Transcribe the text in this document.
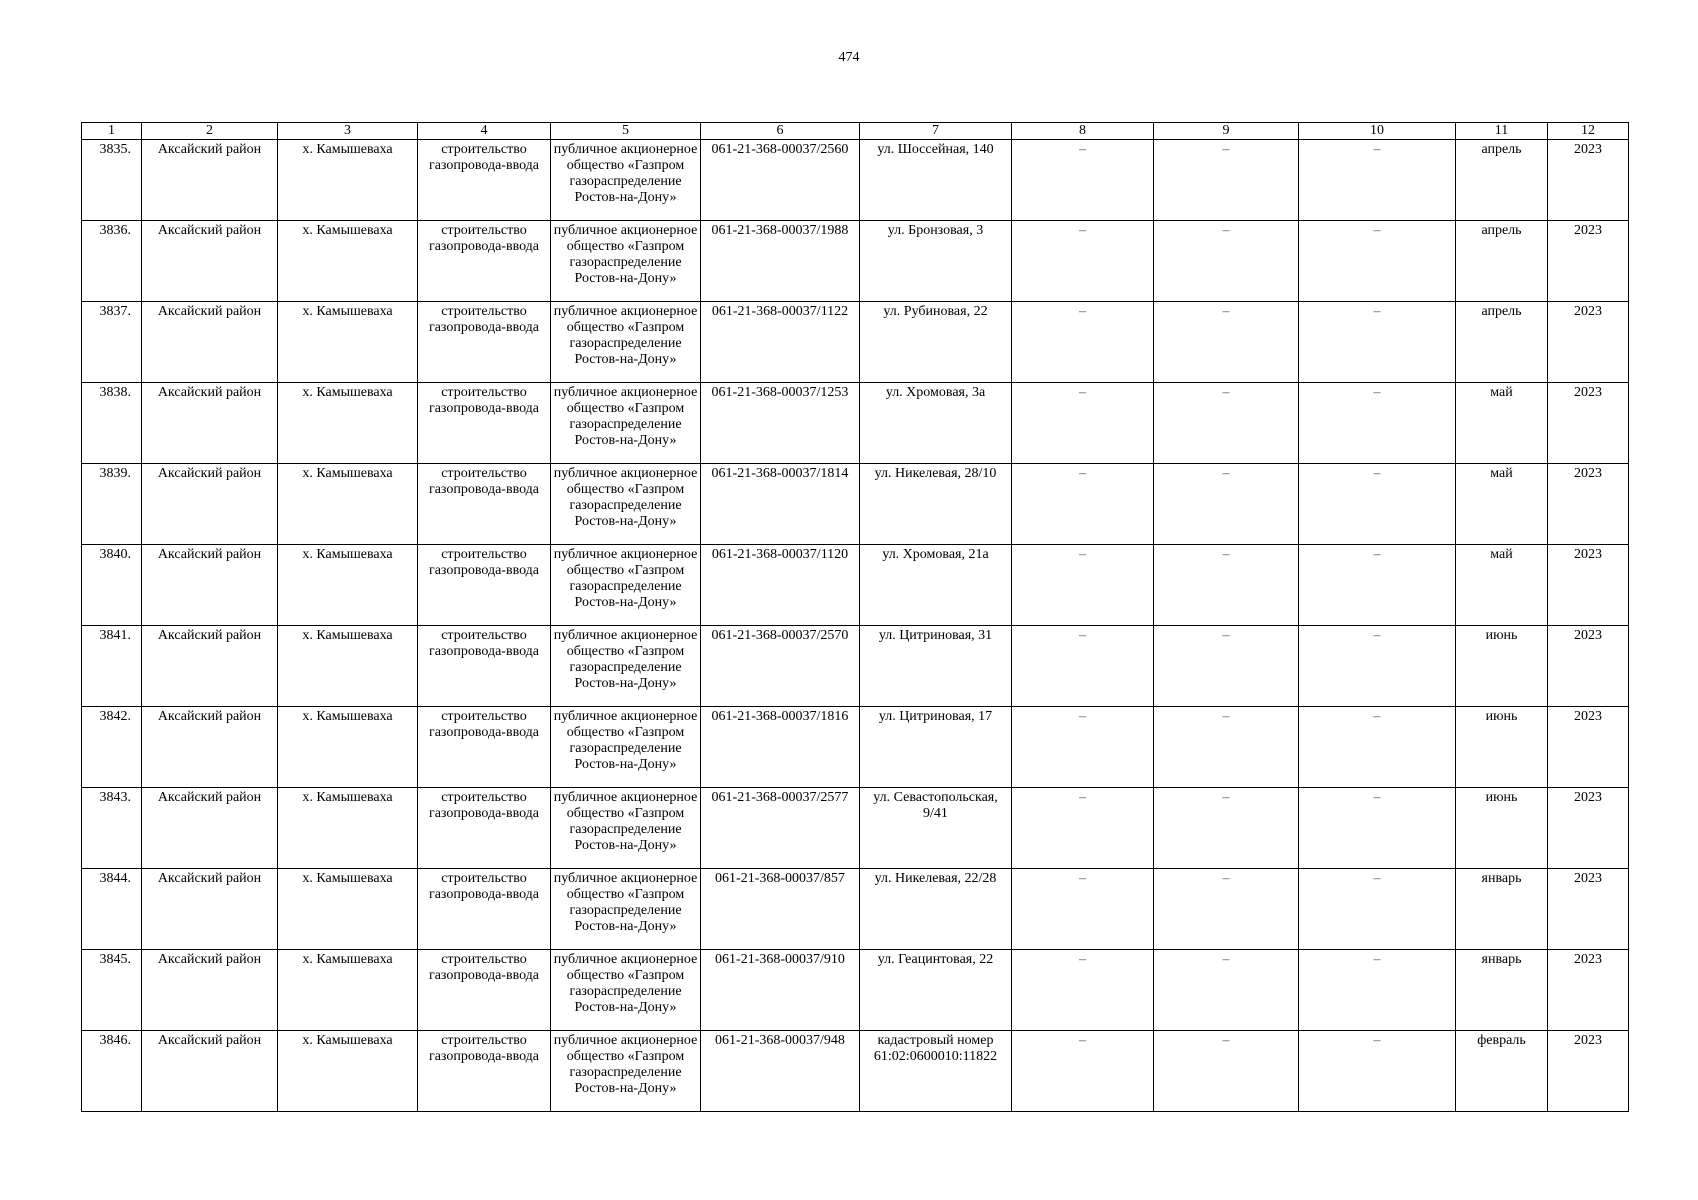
474
1	2	3	4	5	6	7	8	9	10	11	12
3835.	Аксайский район	х. Камышеваха	строительство газопровода-ввода	публичное акционерное общество «Газпром газораспределение Ростов-на-Дону»	061-21-368-00037/2560	ул. Шоссейная, 140	–	–	–	апрель	2023
3836.	Аксайский район	х. Камышеваха	строительство газопровода-ввода	публичное акционерное общество «Газпром газораспределение Ростов-на-Дону»	061-21-368-00037/1988	ул. Бронзовая, 3	–	–	–	апрель	2023
3837.	Аксайский район	х. Камышеваха	строительство газопровода-ввода	публичное акционерное общество «Газпром газораспределение Ростов-на-Дону»	061-21-368-00037/1122	ул. Рубиновая, 22	–	–	–	апрель	2023
3838.	Аксайский район	х. Камышеваха	строительство газопровода-ввода	публичное акционерное общество «Газпром газораспределение Ростов-на-Дону»	061-21-368-00037/1253	ул. Хромовая, 3а	–	–	–	май	2023
3839.	Аксайский район	х. Камышеваха	строительство газопровода-ввода	публичное акционерное общество «Газпром газораспределение Ростов-на-Дону»	061-21-368-00037/1814	ул. Никелевая, 28/10	–	–	–	май	2023
3840.	Аксайский район	х. Камышеваха	строительство газопровода-ввода	публичное акционерное общество «Газпром газораспределение Ростов-на-Дону»	061-21-368-00037/1120	ул. Хромовая, 21а	–	–	–	май	2023
3841.	Аксайский район	х. Камышеваха	строительство газопровода-ввода	публичное акционерное общество «Газпром газораспределение Ростов-на-Дону»	061-21-368-00037/2570	ул. Цитриновая, 31	–	–	–	июнь	2023
3842.	Аксайский район	х. Камышеваха	строительство газопровода-ввода	публичное акционерное общество «Газпром газораспределение Ростов-на-Дону»	061-21-368-00037/1816	ул. Цитриновая, 17	–	–	–	июнь	2023
3843.	Аксайский район	х. Камышеваха	строительство газопровода-ввода	публичное акционерное общество «Газпром газораспределение Ростов-на-Дону»	061-21-368-00037/2577	ул. Севастопольская, 9/41	–	–	–	июнь	2023
3844.	Аксайский район	х. Камышеваха	строительство газопровода-ввода	публичное акционерное общество «Газпром газораспределение Ростов-на-Дону»	061-21-368-00037/857	ул. Никелевая, 22/28	–	–	–	январь	2023
3845.	Аксайский район	х. Камышеваха	строительство газопровода-ввода	публичное акционерное общество «Газпром газораспределение Ростов-на-Дону»	061-21-368-00037/910	ул. Геацинтовая, 22	–	–	–	январь	2023
3846.	Аксайский район	х. Камышеваха	строительство газопровода-ввода	публичное акционерное общество «Газпром газораспределение Ростов-на-Дону»	061-21-368-00037/948	кадастровый номер 61:02:0600010:11822	–	–	–	февраль	2023
